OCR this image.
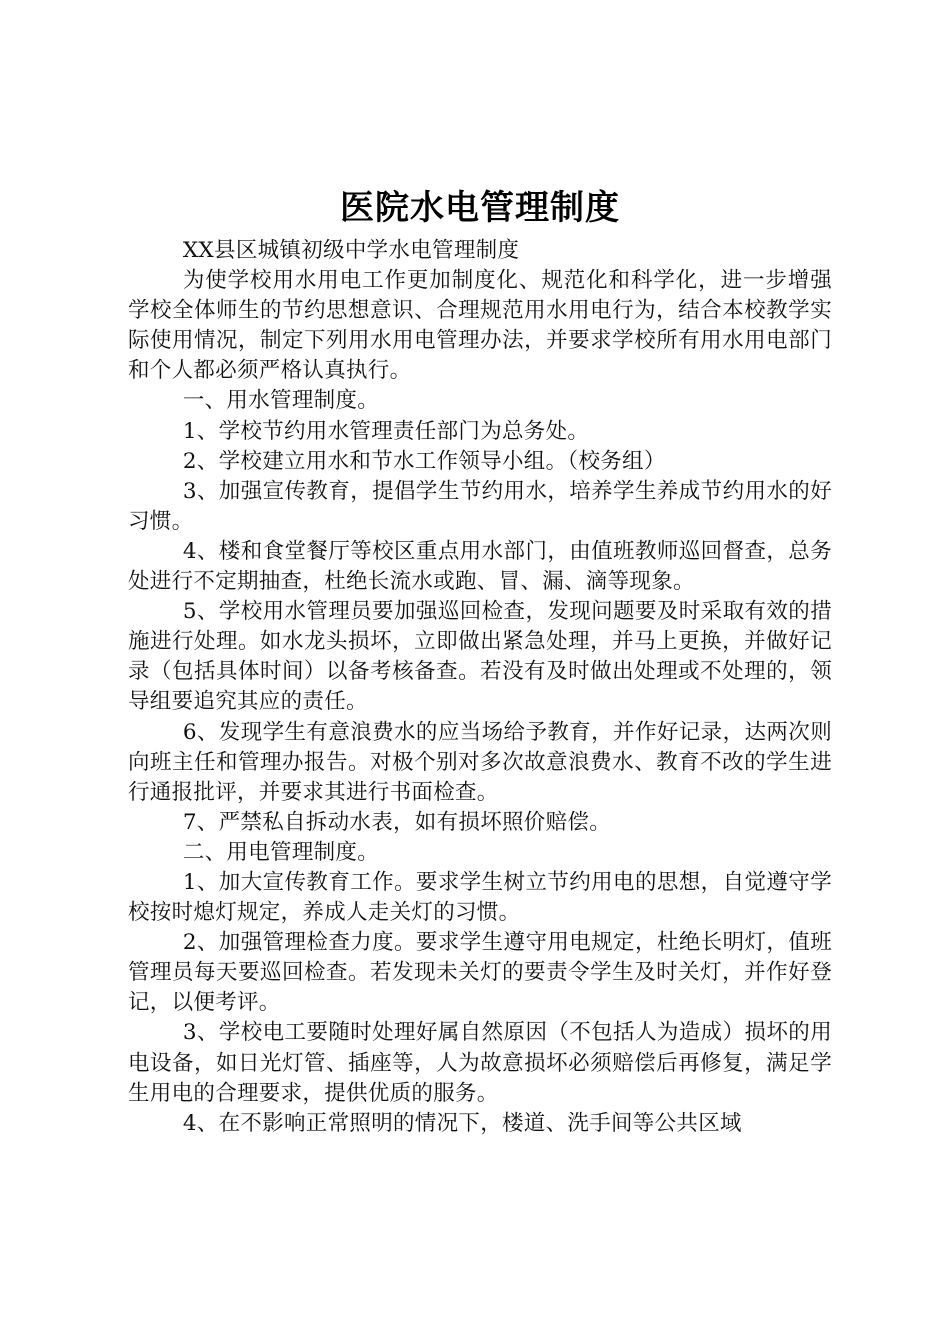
医院水电管理制度

XX县区城镇初级中学水电管理制度

为使学校用水用电工作更加制度化、规范化和科学化，进一步增强学校全体师生的节约思想意识、合理规范用水用电行为，结合本校教学实际使用情况，制定下列用水用电管理办法，并要求学校所有用水用电部门和个人都必须严格认真执行。

一、用水管理制度。

1、学校节约用水管理责任部门为总务处。

2、学校建立用水和节水工作领导小组。（校务组）

3、加强宣传教育，提倡学生节约用水，培养学生养成节约用水的好习惯。

4、楼和食堂餐厅等校区重点用水部门，由值班教师巡回督查，总务处进行不定期抽查，杜绝长流水或跑、冒、漏、滴等现象。

5、学校用水管理员要加强巡回检查，发现问题要及时采取有效的措施进行处理。如水龙头损坏，立即做出紧急处理，并马上更换，并做好记录（包括具体时间）以备考核备查。若没有及时做出处理或不处理的，领导组要追究其应的责任。

6、发现学生有意浪费水的应当场给予教育，并作好记录，达两次则向班主任和管理办报告。对极个别对多次故意浪费水、教育不改的学生进行通报批评，并要求其进行书面检查。

7、严禁私自拆动水表，如有损坏照价赔偿。

二、用电管理制度。

1、加大宣传教育工作。要求学生树立节约用电的思想，自觉遵守学校按时熄灯规定，养成人走关灯的习惯。

2、加强管理检查力度。要求学生遵守用电规定，杜绝长明灯，值班管理员每天要巡回检查。若发现未关灯的要责令学生及时关灯，并作好登记，以便考评。

3、学校电工要随时处理好属自然原因（不包括人为造成）损坏的用电设备，如日光灯管、插座等，人为故意损坏必须赔偿后再修复，满足学生用电的合理要求，提供优质的服务。

4、在不影响正常照明的情况下，楼道、洗手间等公共区域
